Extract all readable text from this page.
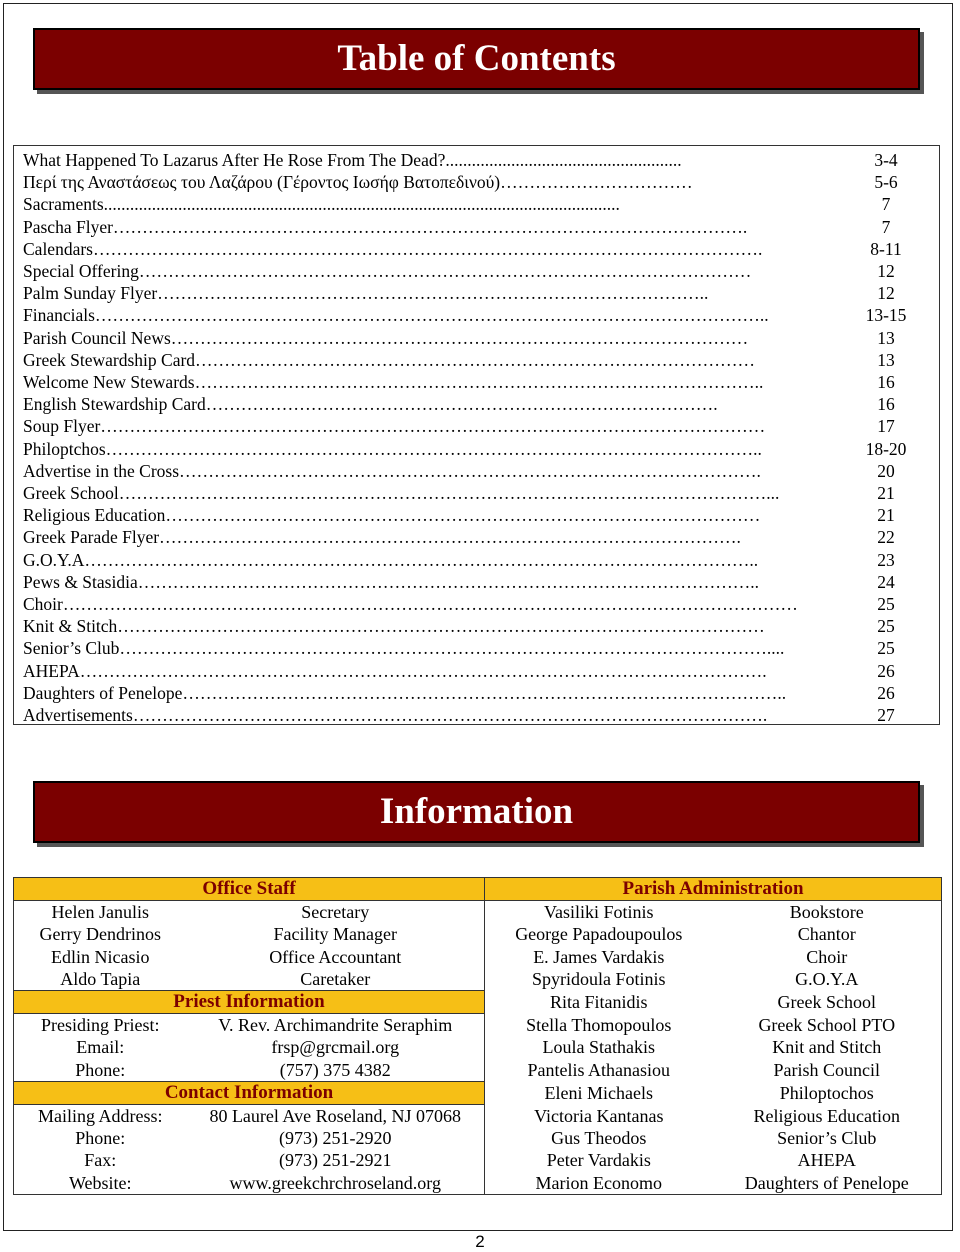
Table of Contents
What Happened To Lazarus After He Rose From The Dead?......................................................	3-4
Περί της Αναστάσεως του Λαζάρου (Γέροντος Ιωσήφ Βατοπεδινού)……………………………	5-6
Sacraments......................................................................................................................	7
Pascha Flyer……………………………………………………………………………………………….	7
Calendars…………………………………………………………………………………………………….	8-11
Special Offering……………………………………………………………………………………………	12
Palm Sunday Flyer…………………………………………………………………………………..	12
Financials……………………………………………………………………………………………………..	13-15
Parish Council News………………………………………………………………………………………	13
Greek Stewardship Card……………………………………………………………………………………	13
Welcome New Stewards……………………………………………………………………………………..	16
English Stewardship Card…………………………………………………………………………….	16
Soup Flyer……………………………………………………………………………………………………	17
Philoptchos…………………………………………………………………………………………………..	18-20
Advertise in the Cross……………………………………………………………………………………….	20
Greek School…………………………………………………………………………………………………...	21
Religious Education…………………………………………………………………………………………	21
Greek Parade Flyer……………………………………………………………………………………….	22
G.O.Y.A……………………………………………………………………………………………………..	23
Pews & Stasidia……………………………………………………………………………………………..	24
Choir………………………………………………………………………………………………………………	25
Knit & Stitch…………………………………………………………………………………………………	25
Senior’s Club…………………………………………………………………………………………………....	25
AHEPA……………………………………………………………………………………………………….	26
Daughters of Penelope…………………………………………………………………………………………..	26
Advertisements……………………………………………………………………………………………….	27
Information
Office Staff		Parish Administration	
Helen Janulis	Secretary	Vasiliki Fotinis	Bookstore
Gerry Dendrinos	Facility Manager	George Papadoupoulos	Chantor
Edlin Nicasio	Office Accountant	E. James Vardakis	Choir
Aldo Tapia	Caretaker	Spyridoula Fotinis	G.O.Y.A
Priest Information		Rita Fitanidis	Greek School
Presiding Priest:	V. Rev. Archimandrite Seraphim	Stella Thomopoulos	Greek School PTO
Email:	frsp@grcmail.org	Loula Stathakis	Knit and Stitch
Phone:	(757) 375 4382	Pantelis Athanasiou	Parish Council
Contact Information		Eleni Michaels	Philoptochos
Mailing Address:	80 Laurel Ave Roseland, NJ 07068	Victoria Kantanas	Religious Education
Phone:	(973) 251-2920	Gus Theodos	Senior’s Club
Fax:	(973) 251-2921	Peter Vardakis	AHEPA
Website:	www.greekchrchroseland.org	Marion Economo	Daughters of Penelope
2
